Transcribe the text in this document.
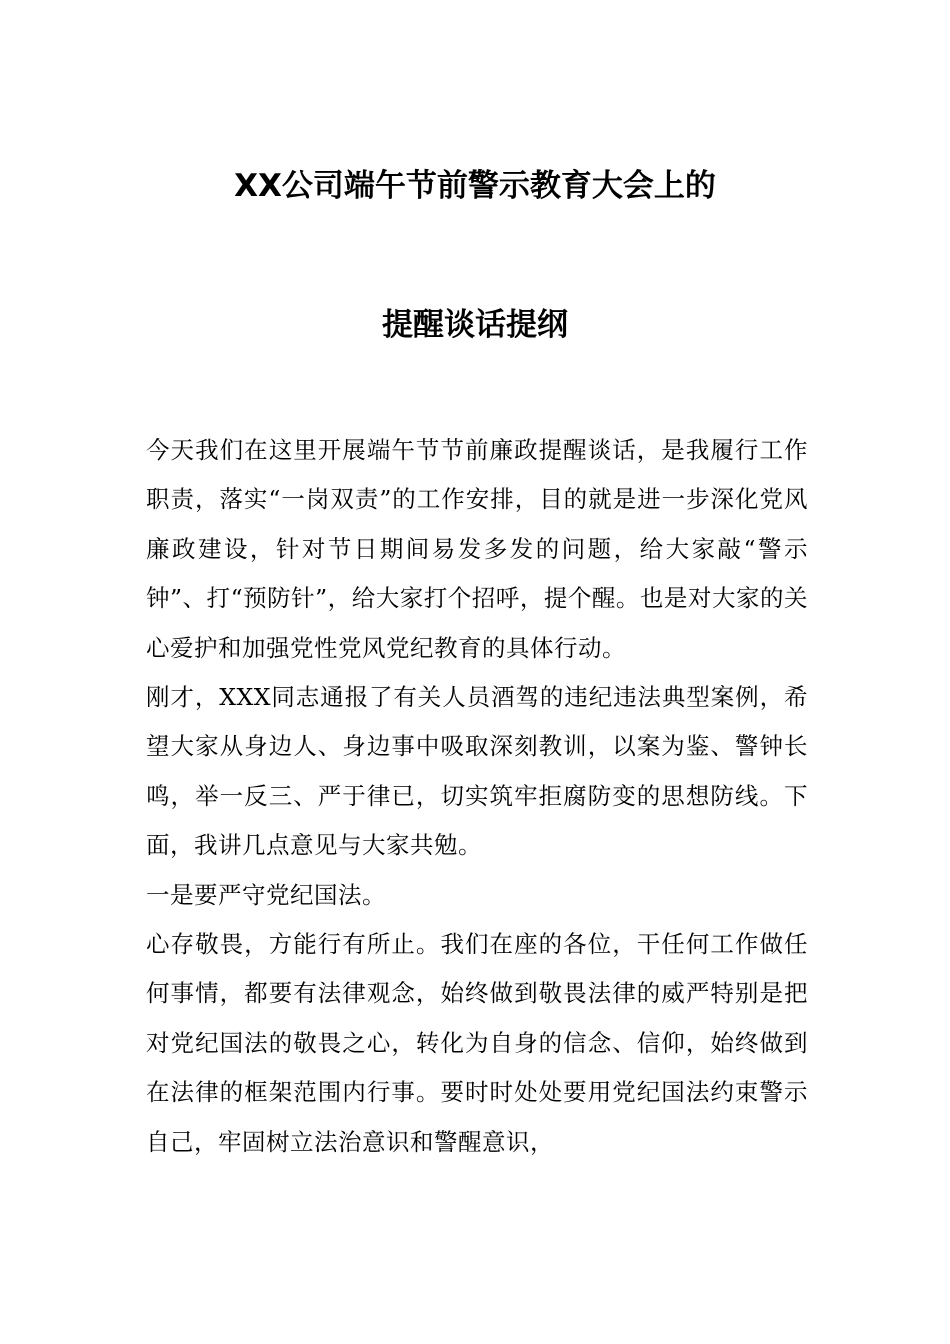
XX公司端午节前警示教育大会上的
提醒谈话提纲

今天我们在这里开展端午节节前廉政提醒谈话，是我履行工作职责，落实“一岗双责”的工作安排，目的就是进一步深化党风廉政建设，针对节日期间易发多发的问题，给大家敲“警示钟”、打“预防针”，给大家打个招呼，提个醒。也是对大家的关心爱护和加强党性党风党纪教育的具体行动。

刚才，XXX同志通报了有关人员酒驾的违纪违法典型案例，希望大家从身边人、身边事中吸取深刻教训，以案为鉴、警钟长鸣，举一反三、严于律已，切实筑牢拒腐防变的思想防线。下面，我讲几点意见与大家共勉。

一是要严守党纪国法。

心存敬畏，方能行有所止。我们在座的各位，干任何工作做任何事情，都要有法律观念，始终做到敬畏法律的威严特别是把对党纪国法的敬畏之心，转化为自身的信念、信仰，始终做到在法律的框架范围内行事。要时时处处要用党纪国法约束警示自己，牢固树立法治意识和警醒意识，
